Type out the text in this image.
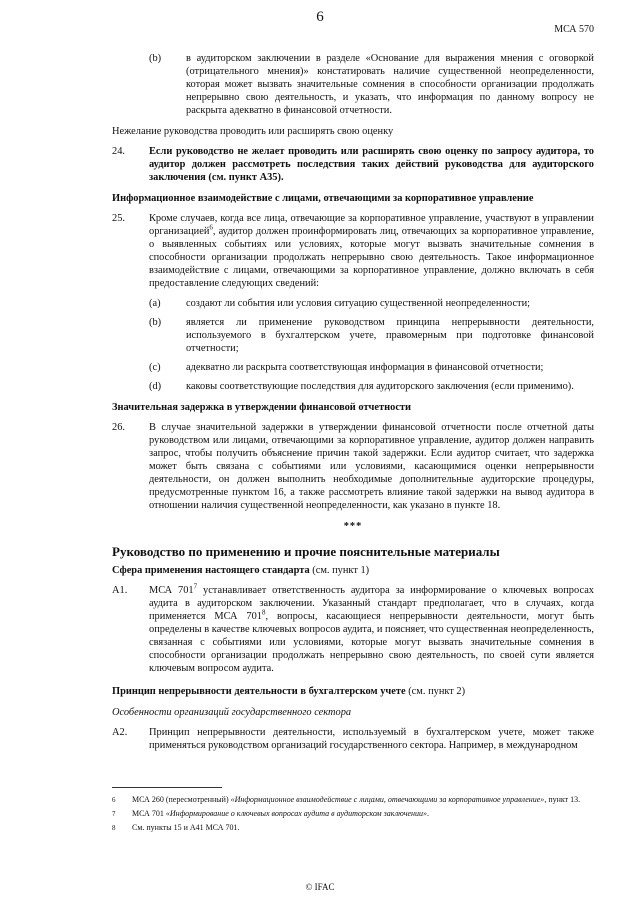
6
МСА 570
(b) в аудиторском заключении в разделе «Основание для выражения мнения с оговоркой (отрицательного мнения)» констатировать наличие существенной неопределенности, которая может вызвать значительные сомнения в способности организации продолжать непрерывно свою деятельность, и указать, что информация по данному вопросу не раскрыта адекватно в финансовой отчетности.
Нежелание руководства проводить или расширять свою оценку
24. Если руководство не желает проводить или расширять свою оценку по запросу аудитора, то аудитор должен рассмотреть последствия таких действий руководства для аудиторского заключения (см. пункт А35).
Информационное взаимодействие с лицами, отвечающими за корпоративное управление
25. Кроме случаев, когда все лица, отвечающие за корпоративное управление, участвуют в управлении организацией$^6$, аудитор должен проинформировать лиц, отвечающих за корпоративное управление, о выявленных событиях или условиях, которые могут вызвать значительные сомнения в способности организации продолжать непрерывно свою деятельность. Такое информационное взаимодействие с лицами, отвечающими за корпоративное управление, должно включать в себя предоставление следующих сведений:
(a) создают ли события или условия ситуацию существенной неопределенности;
(b) является ли применение руководством принципа непрерывности деятельности, используемого в бухгалтерском учете, правомерным при подготовке финансовой отчетности;
(c) адекватно ли раскрыта соответствующая информация в финансовой отчетности;
(d) каковы соответствующие последствия для аудиторского заключения (если применимо).
Значительная задержка в утверждении финансовой отчетности
26. В случае значительной задержки в утверждении финансовой отчетности после отчетной даты руководством или лицами, отвечающими за корпоративное управление, аудитор должен направить запрос, чтобы получить объяснение причин такой задержки. Если аудитор считает, что задержка может быть связана с событиями или условиями, касающимися оценки непрерывности деятельности, он должен выполнить необходимые дополнительные аудиторские процедуры, предусмотренные пунктом 16, а также рассмотреть влияние такой задержки на вывод аудитора в отношении наличия существенной неопределенности, как указано в пункте 18.
***
Руководство по применению и прочие пояснительные материалы
Сфера применения настоящего стандарта (см. пункт 1)
A1. МСА $701^7$ устанавливает ответственность аудитора за информирование о ключевых вопросах аудита в аудиторском заключении. Указанный стандарт предполагает, что в случаях, когда применяется МСА $701^8$, вопросы, касающиеся непрерывности деятельности, могут быть определены в качестве ключевых вопросов аудита, и поясняет, что существенная неопределенность, связанная с событиями или условиями, которые могут вызвать значительные сомнения в способности организации продолжать непрерывно свою деятельность, по своей сути является ключевым вопросом аудита.
Принцип непрерывности деятельности в бухгалтерском учете (см. пункт 2)
Особенности организаций государственного сектора
A2. Принцип непрерывности деятельности, используемый в бухгалтерском учете, может также применяться руководством организаций государственного сектора. Например, в международном
6 МСА 260 (пересмотренный) «Информационное взаимодействие с лицами, отвечающими за корпоративное управление», пункт 13.
7 МСА 701 «Информирование о ключевых вопросах аудита в аудиторском заключении».
8 См. пункты 15 и А41 МСА 701.
© IFAC
